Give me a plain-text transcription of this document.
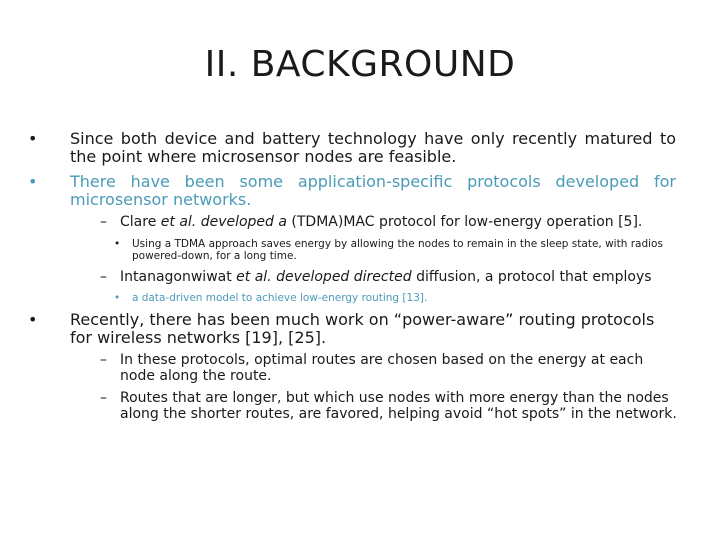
II. BACKGROUND
• Since both device and battery technology have only recently matured to the point where microsensor nodes are feasible.
• There have been some application-specific protocols developed for microsensor networks.
– Clare et al. developed a (TDMA)MAC protocol for low-energy operation [5].
• Using a TDMA approach saves energy by allowing the nodes to remain in the sleep state, with radios powered-down, for a long time.
– Intanagonwiwat et al. developed directed diffusion, a protocol that employs
• a data-driven model to achieve low-energy routing [13].
• Recently, there has been much work on “power-aware” routing protocols for wireless networks [19], [25].
– In these protocols, optimal routes are chosen based on the energy at each node along the route.
– Routes that are longer, but which use nodes with more energy than the nodes along the shorter routes, are favored, helping avoid “hot spots” in the network.
